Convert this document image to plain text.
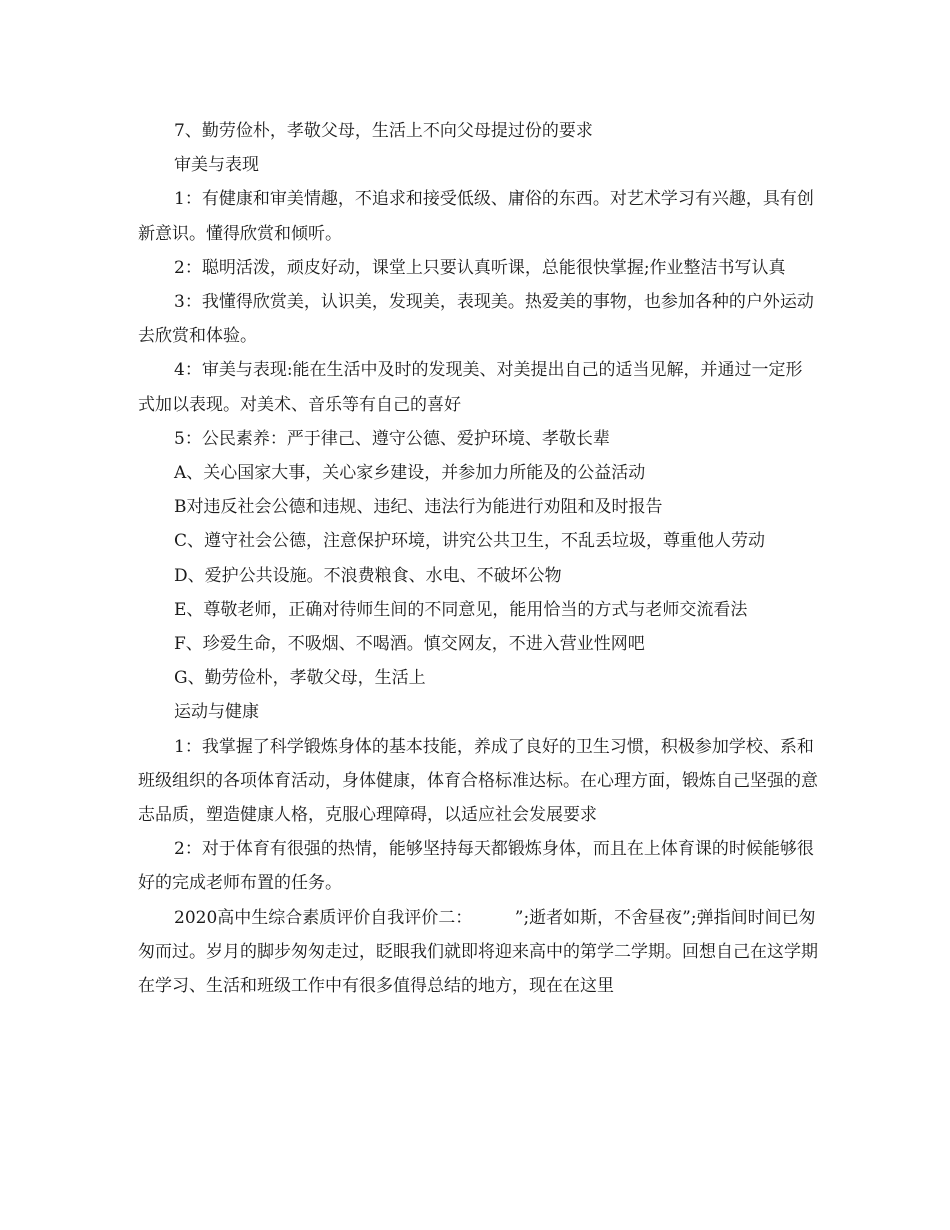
7、勤劳俭朴，孝敬父母，生活上不向父母提过份的要求

审美与表现

1：有健康和审美情趣，不追求和接受低级、庸俗的东西。对艺术学习有兴趣，具有创新意识。懂得欣赏和倾听。

2：聪明活泼，顽皮好动，课堂上只要认真听课，总能很快掌握;作业整洁书写认真

3：我懂得欣赏美，认识美，发现美，表现美。热爱美的事物，也参加各种的户外运动去欣赏和体验。

4：审美与表现:能在生活中及时的发现美、对美提出自己的适当见解，并通过一定形式加以表现。对美术、音乐等有自己的喜好

5：公民素养：严于律己、遵守公德、爱护环境、孝敬长辈

A、关心国家大事，关心家乡建设，并参加力所能及的公益活动

B对违反社会公德和违规、违纪、违法行为能进行劝阻和及时报告

C、遵守社会公德，注意保护环境，讲究公共卫生，不乱丢垃圾，尊重他人劳动

D、爱护公共设施。不浪费粮食、水电、不破坏公物

E、尊敬老师，正确对待师生间的不同意见，能用恰当的方式与老师交流看法

F、珍爱生命，不吸烟、不喝酒。慎交网友，不进入营业性网吧

G、勤劳俭朴，孝敬父母，生活上

运动与健康

1：我掌握了科学锻炼身体的基本技能，养成了良好的卫生习惯，积极参加学校、系和班级组织的各项体育活动，身体健康，体育合格标准达标。在心理方面，锻炼自己坚强的意志品质，塑造健康人格，克服心理障碍，以适应社会发展要求

2：对于体育有很强的热情，能够坚持每天都锻炼身体，而且在上体育课的时候能够很好的完成老师布置的任务。

2020高中生综合素质评价自我评价二：　　　”;逝者如斯，不舍昼夜”;弹指间时间已匆匆而过。岁月的脚步匆匆走过，眨眼我们就即将迎来高中的第学二学期。回想自己在这学期在学习、生活和班级工作中有很多值得总结的地方，现在在这里
